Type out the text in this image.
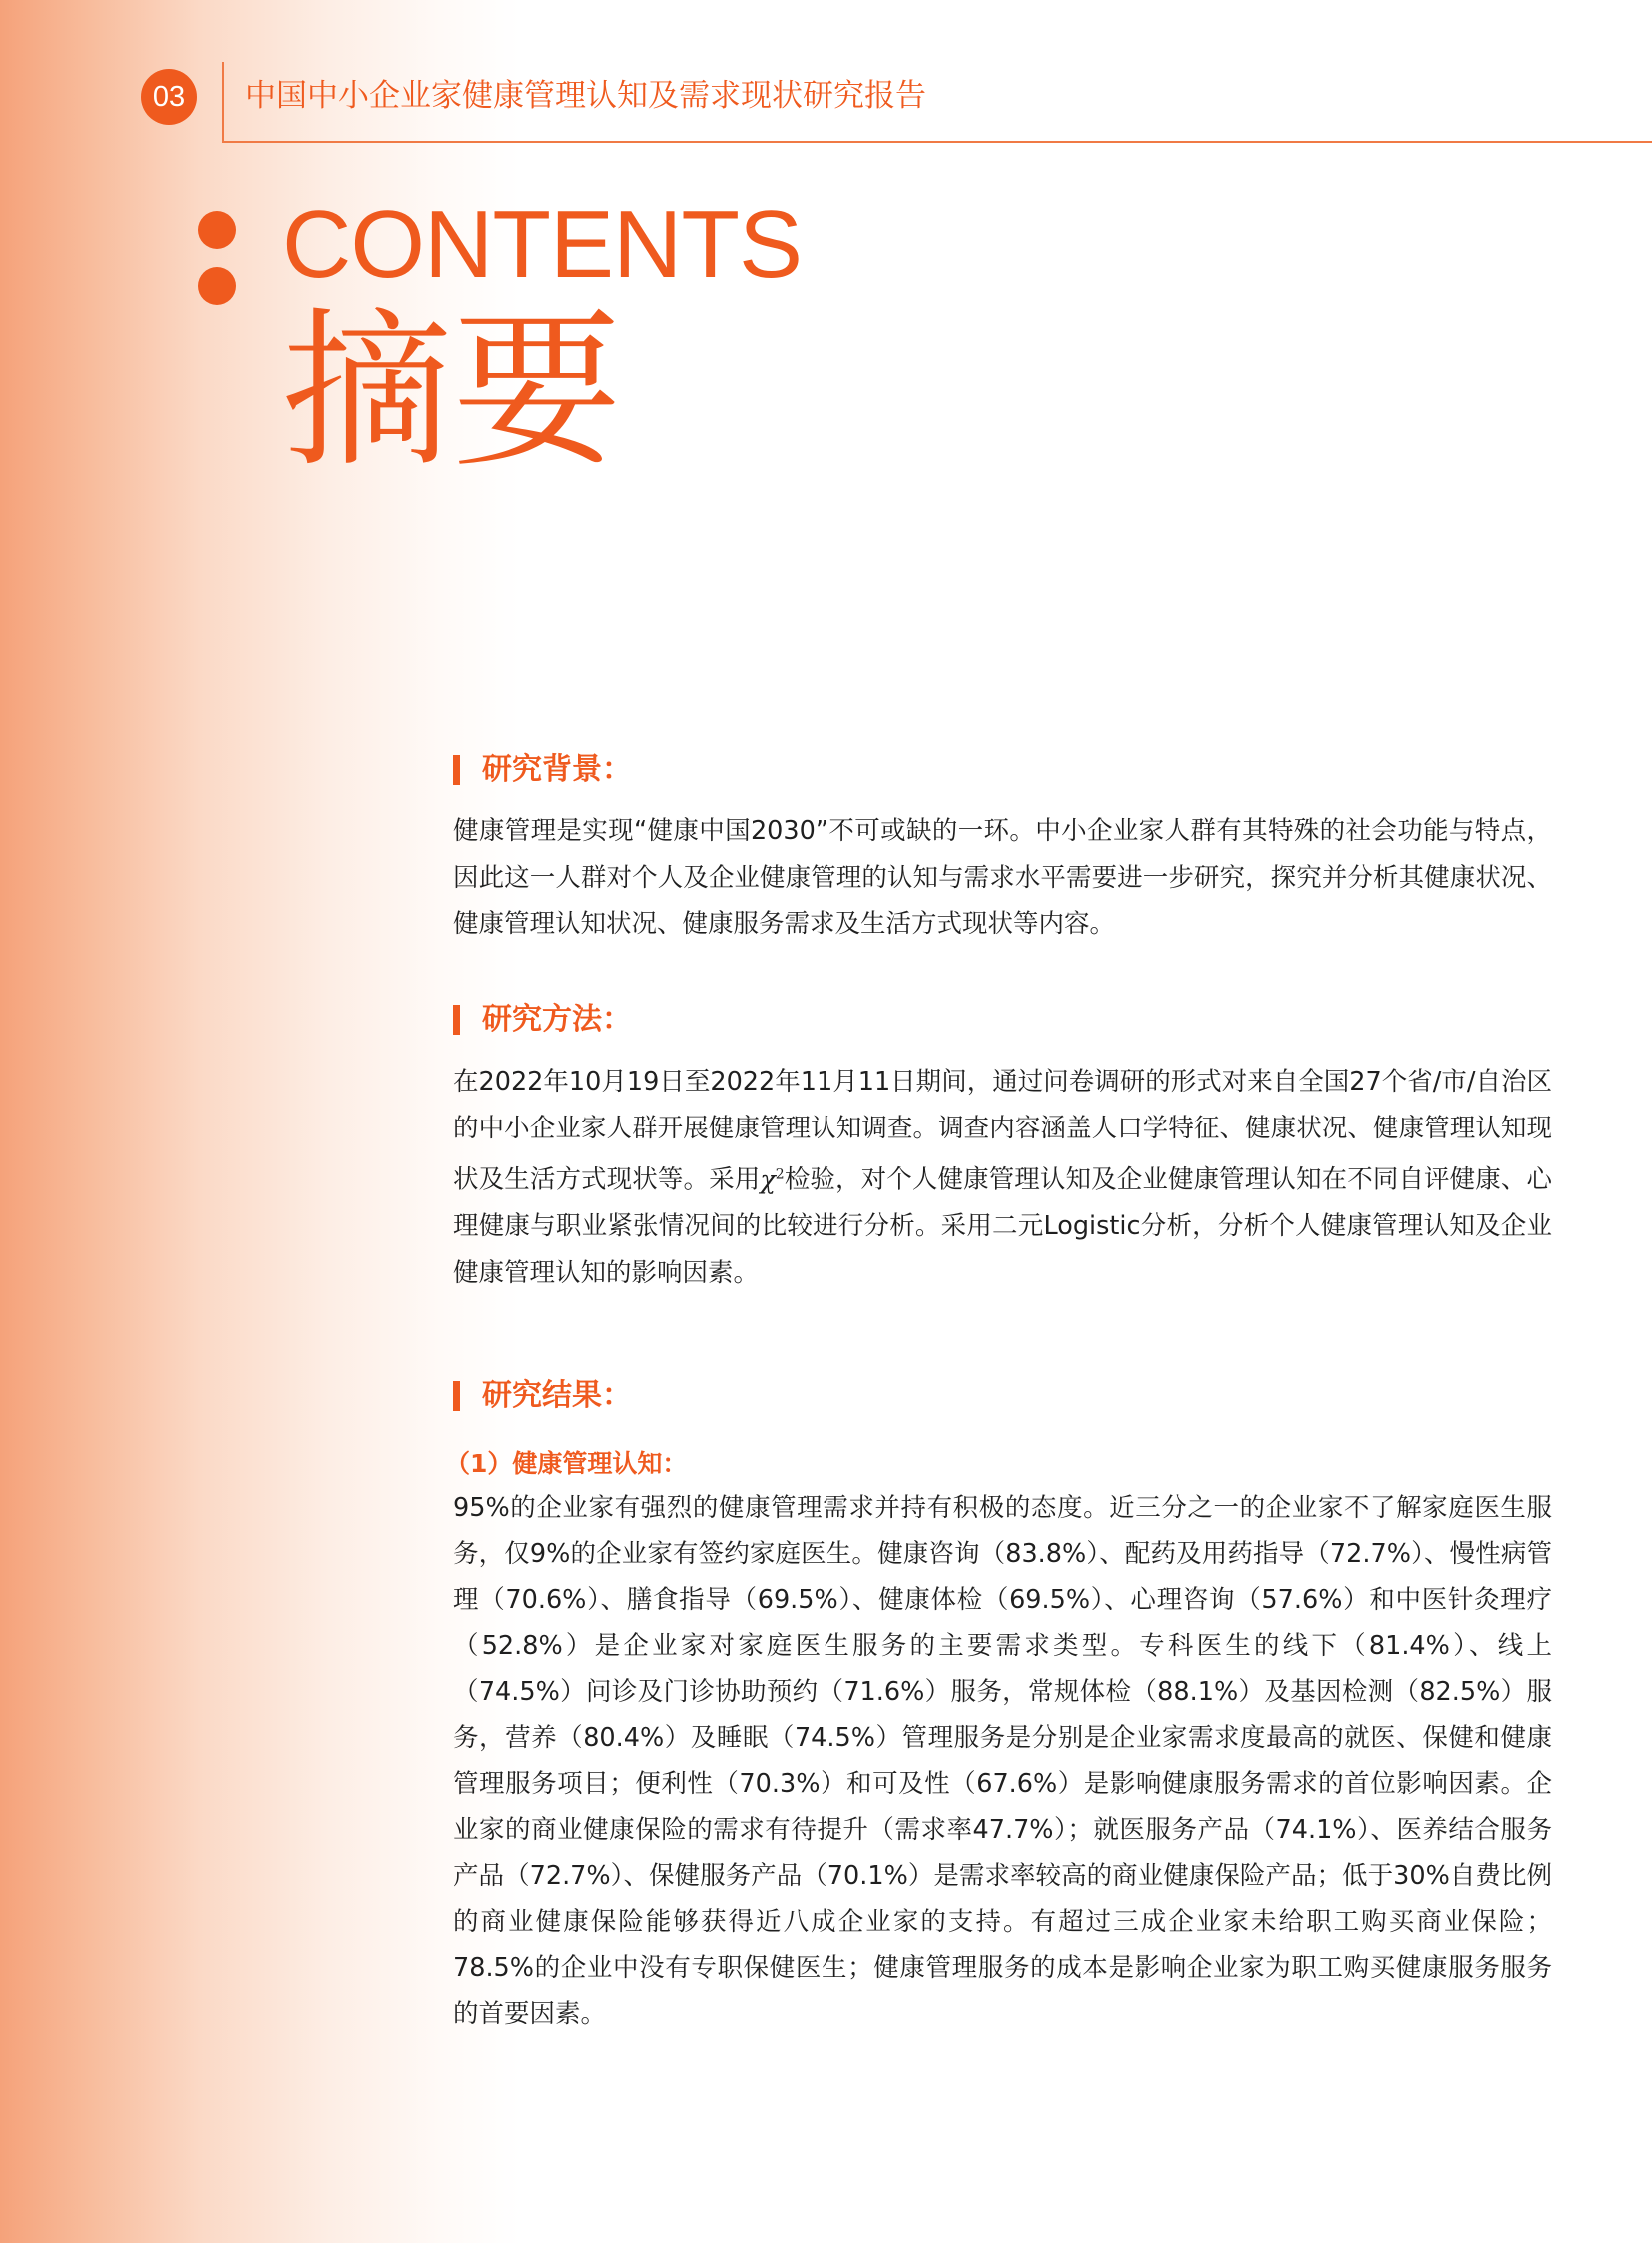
03	中国中小企业家健康管理认知及需求现状研究报告
CONTENTS
摘要
研究背景：

健康管理是实现“健康中国2030”不可或缺的一环。中小企业家人群有其特殊的社会功能与特点，因此这一人群对个人及企业健康管理的认知与需求水平需要进一步研究，探究并分析其健康状况、健康管理认知状况、健康服务需求及生活方式现状等内容。

研究方法：

在2022年10月19日至2022年11月11日期间，通过问卷调研的形式对来自全国27个省/市/自治区的中小企业家人群开展健康管理认知调查。调查内容涵盖人口学特征、健康状况、健康管理认知现状及生活方式现状等。采用$\chi^2$检验，对个人健康管理认知及企业健康管理认知在不同自评健康、心理健康与职业紧张情况间的比较进行分析。采用二元Logistic分析，分析个人健康管理认知及企业健康管理认知的影响因素。

研究结果：
（1）健康管理认知：

95%的企业家有强烈的健康管理需求并持有积极的态度。近三分之一的企业家不了解家庭医生服务，仅9%的企业家有签约家庭医生。健康咨询（83.8%）、配药及用药指导（72.7%）、慢性病管理（70.6%）、膳食指导（69.5%）、健康体检（69.5%）、心理咨询（57.6%）和中医针灸理疗（52.8%）是企业家对家庭医生服务的主要需求类型。专科医生的线下（81.4%）、线上（74.5%）问诊及门诊协助预约（71.6%）服务，常规体检（88.1%）及基因检测（82.5%）服务，营养（80.4%）及睡眠（74.5%）管理服务是分别是企业家需求度最高的就医、保健和健康管理服务项目；便利性（70.3%）和可及性（67.6%）是影响健康服务需求的首位影响因素。企业家的商业健康保险的需求有待提升（需求率47.7%）；就医服务产品（74.1%）、医养结合服务产品（72.7%）、保健服务产品（70.1%）是需求率较高的商业健康保险产品；低于30%自费比例的商业健康保险能够获得近八成企业家的支持。有超过三成企业家未给职工购买商业保险；78.5%的企业中没有专职保健医生；健康管理服务的成本是影响企业家为职工购买健康服务服务的首要因素。
